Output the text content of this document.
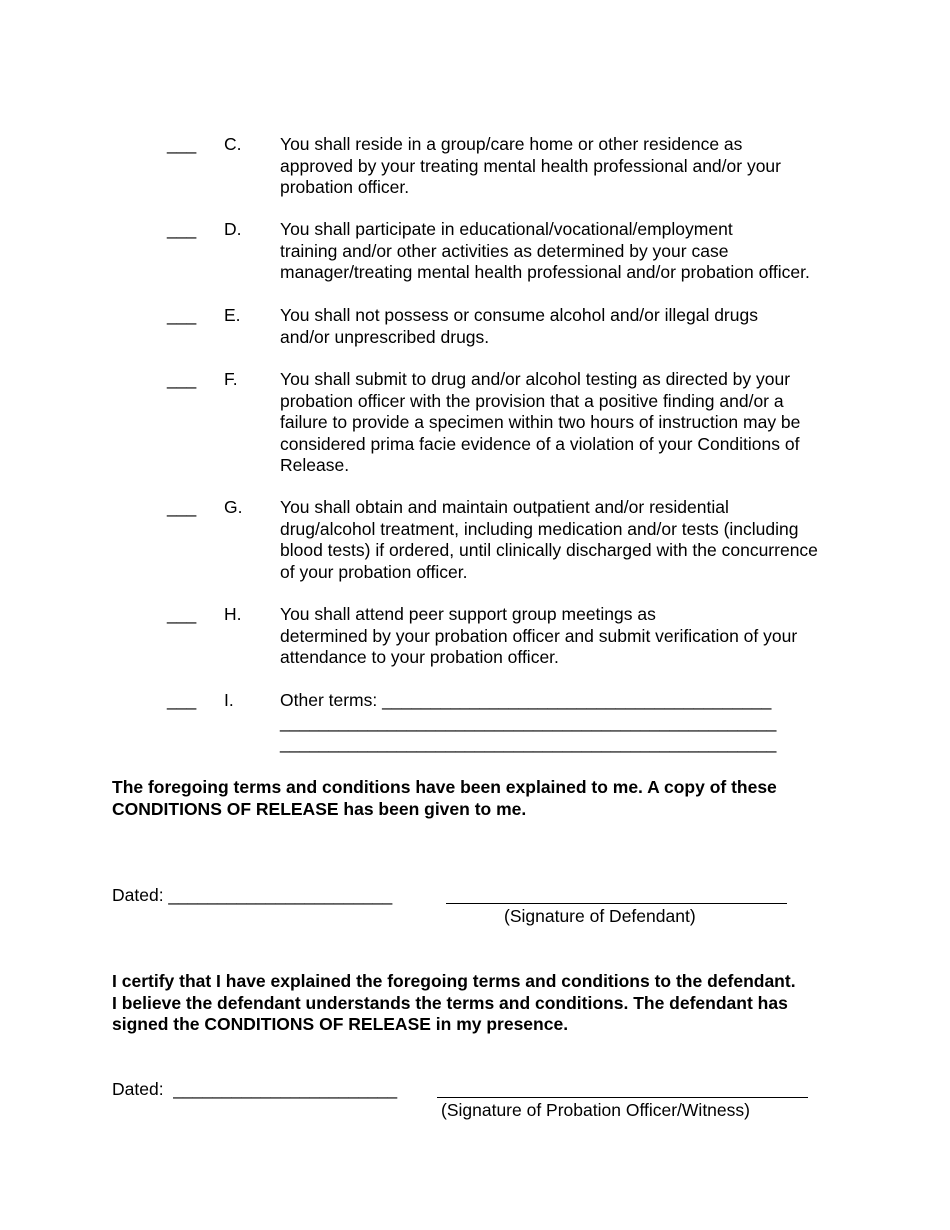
___ C. You shall reside in a group/care home or other residence as
approved by your treating mental health professional and/or your
probation officer.
___ D. You shall participate in educational/vocational/employment
training and/or other activities as determined by your case
manager/treating mental health professional and/or probation officer.
___ E. You shall not possess or consume alcohol and/or illegal drugs
and/or unprescribed drugs.
___ F. You shall submit to drug and/or alcohol testing as directed by your
probation officer with the provision that a positive finding and/or a
failure to provide a specimen within two hours of instruction may be
considered prima facie evidence of a violation of your Conditions of
Release.
___ G. You shall obtain and maintain outpatient and/or residential
drug/alcohol treatment, including medication and/or tests (including
blood tests) if ordered, until clinically discharged with the concurrence
of your probation officer.
___ H. You shall attend peer support group meetings as
determined by your probation officer and submit verification of your
attendance to your probation officer.
___ I.	Other terms: ________________________________________
___________________________________________________
___________________________________________________
The foregoing terms and conditions have been explained to me. A copy of these
CONDITIONS OF RELEASE has been given to me.
Dated: _______________________
(Signature of Defendant)
I certify that I have explained the foregoing terms and conditions to the defendant.
I believe the defendant understands the terms and conditions. The defendant has
signed the CONDITIONS OF RELEASE in my presence.
Dated:  _______________________
(Signature of Probation Officer/Witness)
